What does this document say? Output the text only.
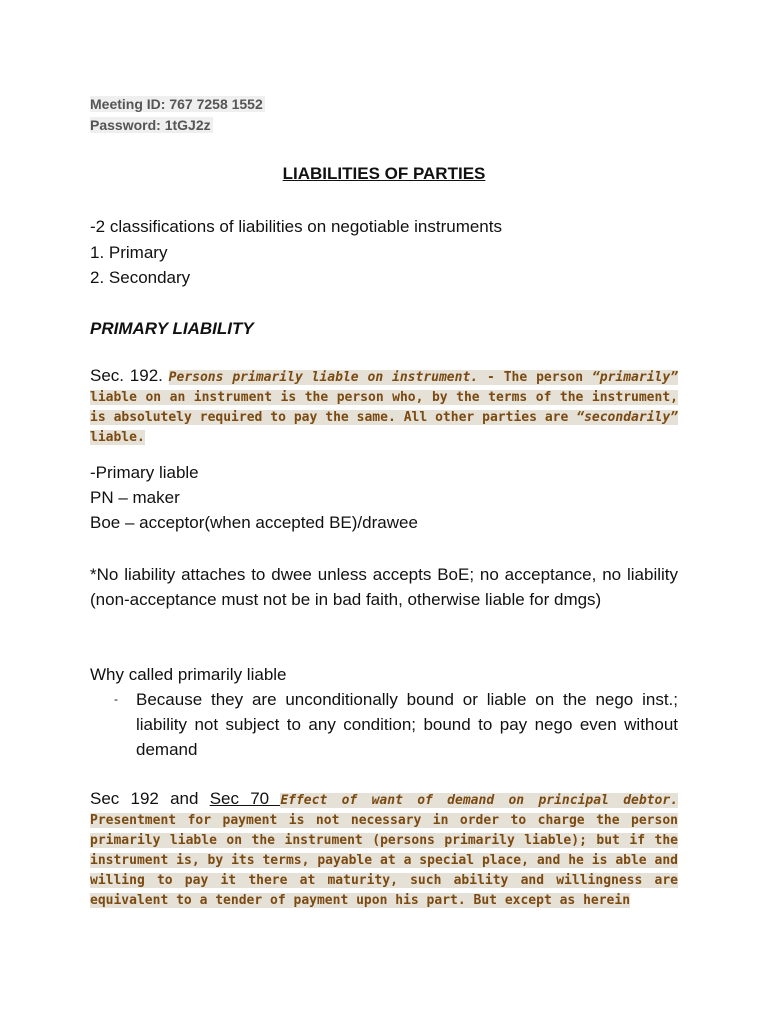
Meeting ID: 767 7258 1552
Password: 1tGJ2z
LIABILITIES OF PARTIES
-2 classifications of liabilities on negotiable instruments
1. Primary
2. Secondary
PRIMARY LIABILITY
Sec. 192. Persons primarily liable on instrument. - The person “primarily” liable on an instrument is the person who, by the terms of the instrument, is absolutely required to pay the same. All other parties are “secondarily” liable.
-Primary liable
PN – maker
Boe – acceptor(when accepted BE)/drawee
*No liability attaches to dwee unless accepts BoE; no acceptance, no liability (non-acceptance must not be in bad faith, otherwise liable for dmgs)
Why called primarily liable
- Because they are unconditionally bound or liable on the nego inst.; liability not subject to any condition; bound to pay nego even without demand
Sec 192 and Sec 70 Effect of want of demand on principal debtor. Presentment for payment is not necessary in order to charge the person primarily liable on the instrument (persons primarily liable); but if the instrument is, by its terms, payable at a special place, and he is able and willing to pay it there at maturity, such ability and willingness are equivalent to a tender of payment upon his part. But except as herein
